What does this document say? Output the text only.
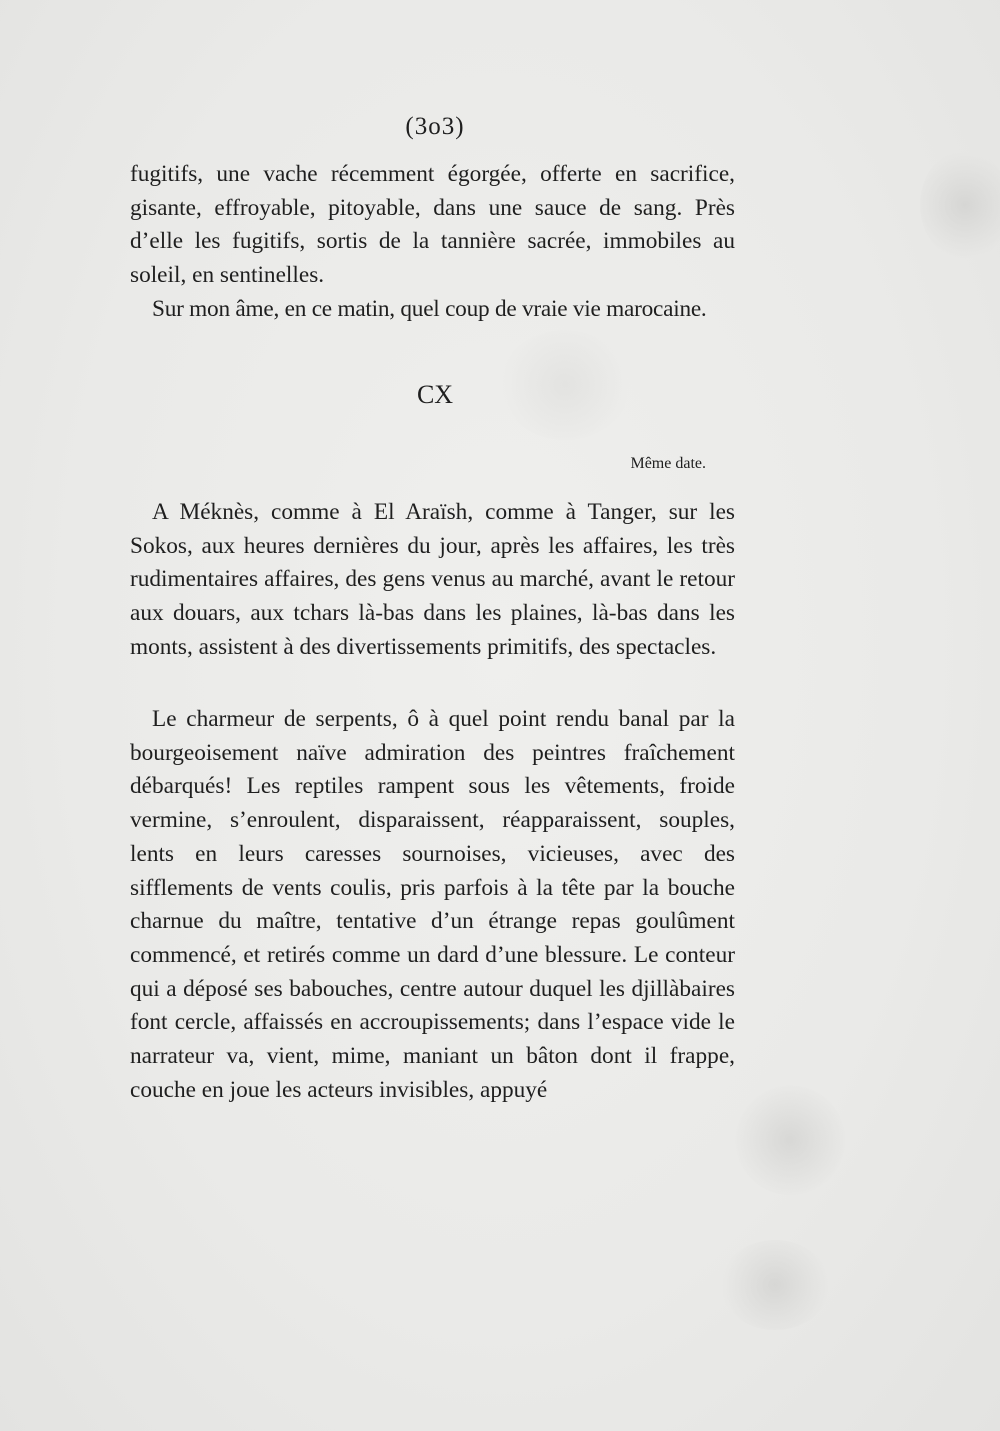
(3o3)

fugitifs, une vache récemment égorgée, offerte en sacrifice, gisante, effroyable, pitoyable, dans une sauce de sang. Près d’elle les fugitifs, sortis de la tannière sacrée, immobiles au soleil, en sentinelles.

Sur mon âme, en ce matin, quel coup de vraie vie marocaine.

CX
Même date.

A Méknès, comme à El Araïsh, comme à Tanger, sur les Sokos, aux heures dernières du jour, après les affaires, les très rudimentaires affaires, des gens venus au marché, avant le retour aux douars, aux tchars là-bas dans les plaines, là-bas dans les monts, assistent à des divertissements primitifs, des spectacles.

Le charmeur de serpents, ô à quel point rendu banal par la bourgeoisement naïve admiration des peintres fraîchement débarqués! Les reptiles rampent sous les vêtements, froide vermine, s’enroulent, disparaissent, réapparaissent, souples, lents en leurs caresses sournoises, vicieuses, avec des sifflements de vents coulis, pris parfois à la tête par la bouche charnue du maître, tentative d’un étrange repas goulûment commencé, et retirés comme un dard d’une blessure. Le conteur qui a déposé ses babouches, centre autour duquel les djillàbaires font cercle, affaissés en accroupissements; dans l’espace vide le narrateur va, vient, mime, maniant un bâton dont il frappe, couche en joue les acteurs invisibles, appuyé
